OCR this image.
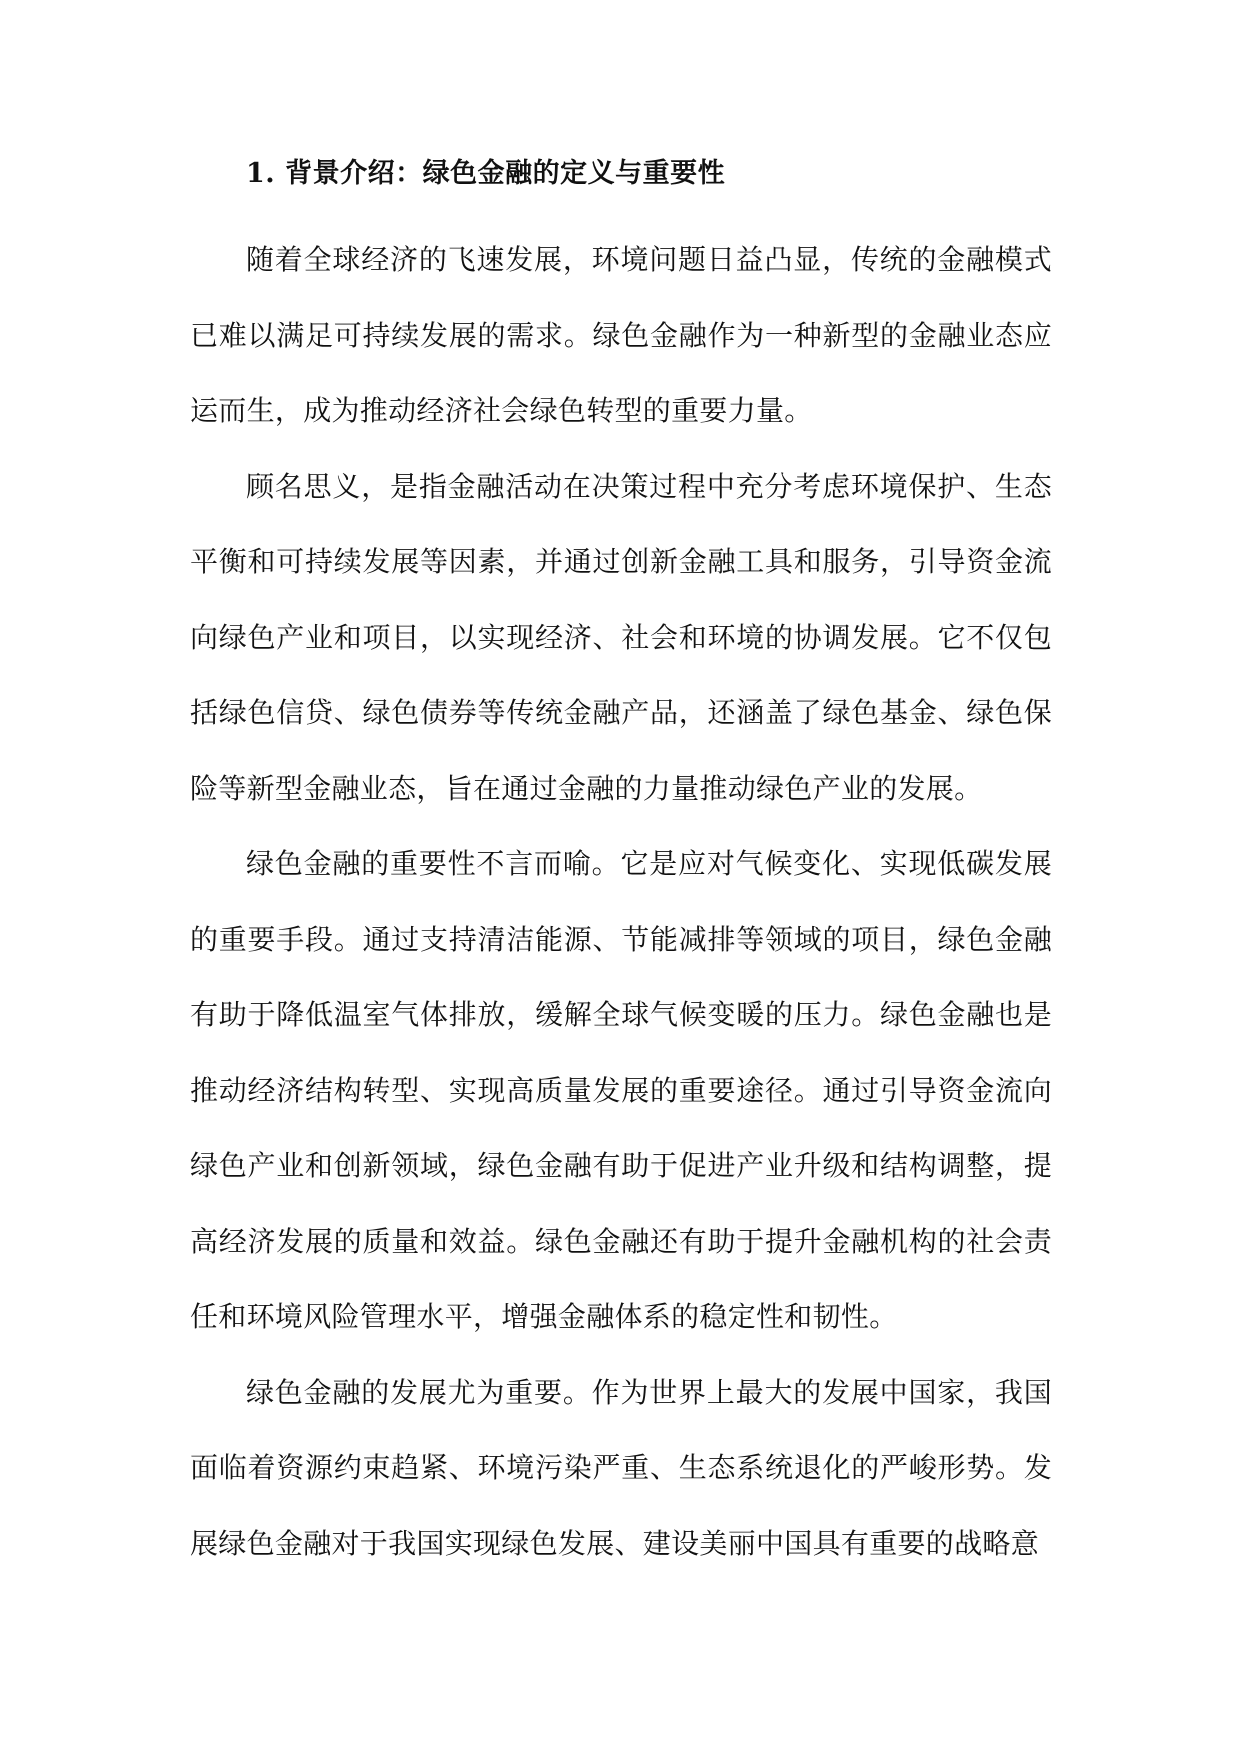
1. 背景介绍：绿色金融的定义与重要性

随着全球经济的飞速发展，环境问题日益凸显，传统的金融模式已难以满足可持续发展的需求。绿色金融作为一种新型的金融业态应运而生，成为推动经济社会绿色转型的重要力量。

顾名思义，是指金融活动在决策过程中充分考虑环境保护、生态平衡和可持续发展等因素，并通过创新金融工具和服务，引导资金流向绿色产业和项目，以实现经济、社会和环境的协调发展。它不仅包括绿色信贷、绿色债券等传统金融产品，还涵盖了绿色基金、绿色保险等新型金融业态，旨在通过金融的力量推动绿色产业的发展。

绿色金融的重要性不言而喻。它是应对气候变化、实现低碳发展的重要手段。通过支持清洁能源、节能减排等领域的项目，绿色金融有助于降低温室气体排放，缓解全球气候变暖的压力。绿色金融也是推动经济结构转型、实现高质量发展的重要途径。通过引导资金流向绿色产业和创新领域，绿色金融有助于促进产业升级和结构调整，提高经济发展的质量和效益。绿色金融还有助于提升金融机构的社会责任和环境风险管理水平，增强金融体系的稳定性和韧性。

绿色金融的发展尤为重要。作为世界上最大的发展中国家，我国面临着资源约束趋紧、环境污染严重、生态系统退化的严峻形势。发展绿色金融对于我国实现绿色发展、建设美丽中国具有重要的战略意
